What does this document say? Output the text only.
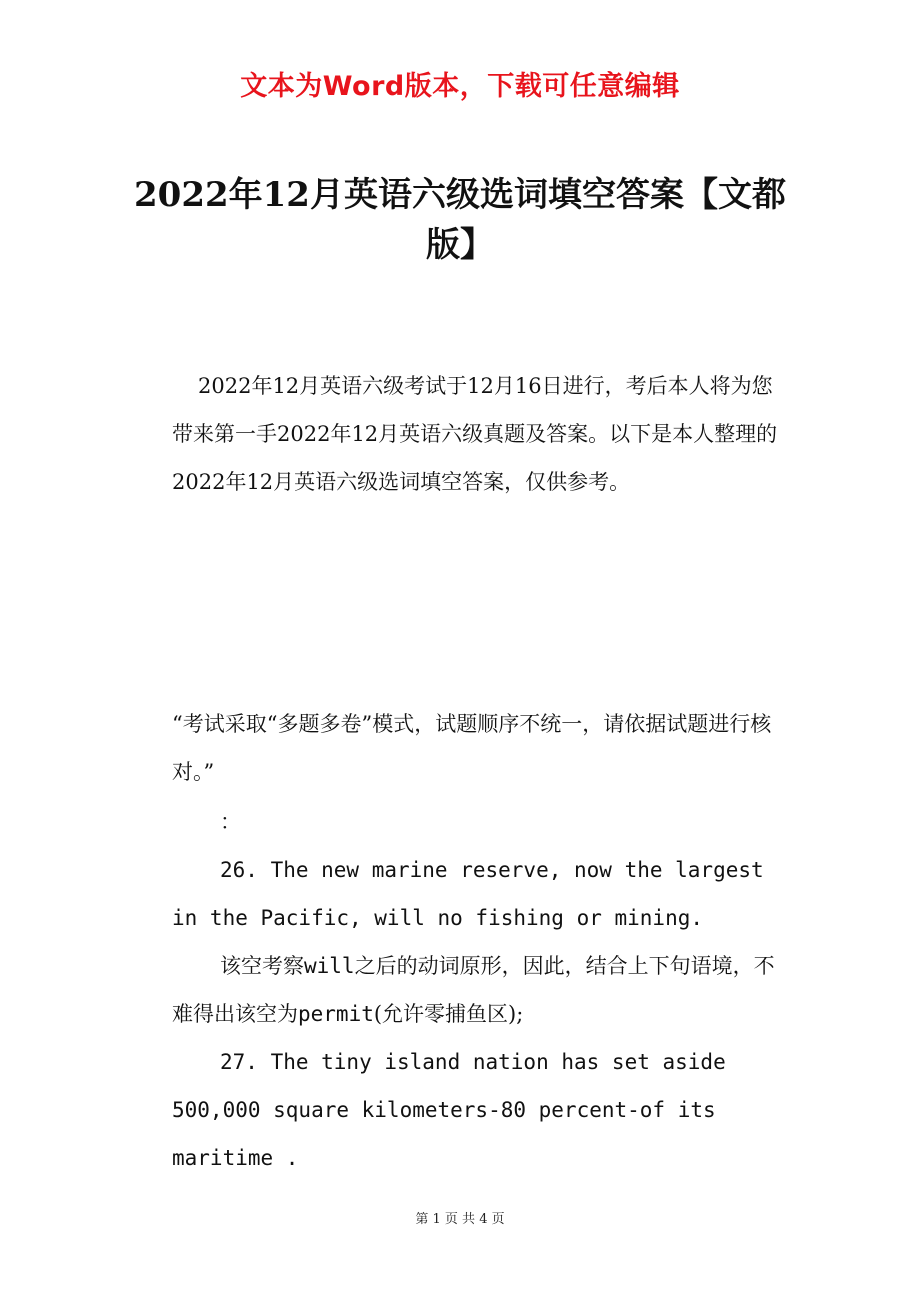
文本为Word版本，下载可任意编辑
2022年12月英语六级选词填空答案【文都版】
2022年12月英语六级考试于12月16日进行，考后本人将为您带来第一手2022年12月英语六级真题及答案。以下是本人整理的2022年12月英语六级选词填空答案，仅供参考。
“考试采取“多题多卷”模式，试题顺序不统一，请依据试题进行核对。”
：
26. The new marine reserve, now the largest in the Pacific, will no fishing or mining.
该空考察will之后的动词原形，因此，结合上下句语境，不难得出该空为permit(允许零捕鱼区);
27. The tiny island nation has set aside 500,000 square kilometers-80 percent-of its maritime .
第 1 页 共 4 页
